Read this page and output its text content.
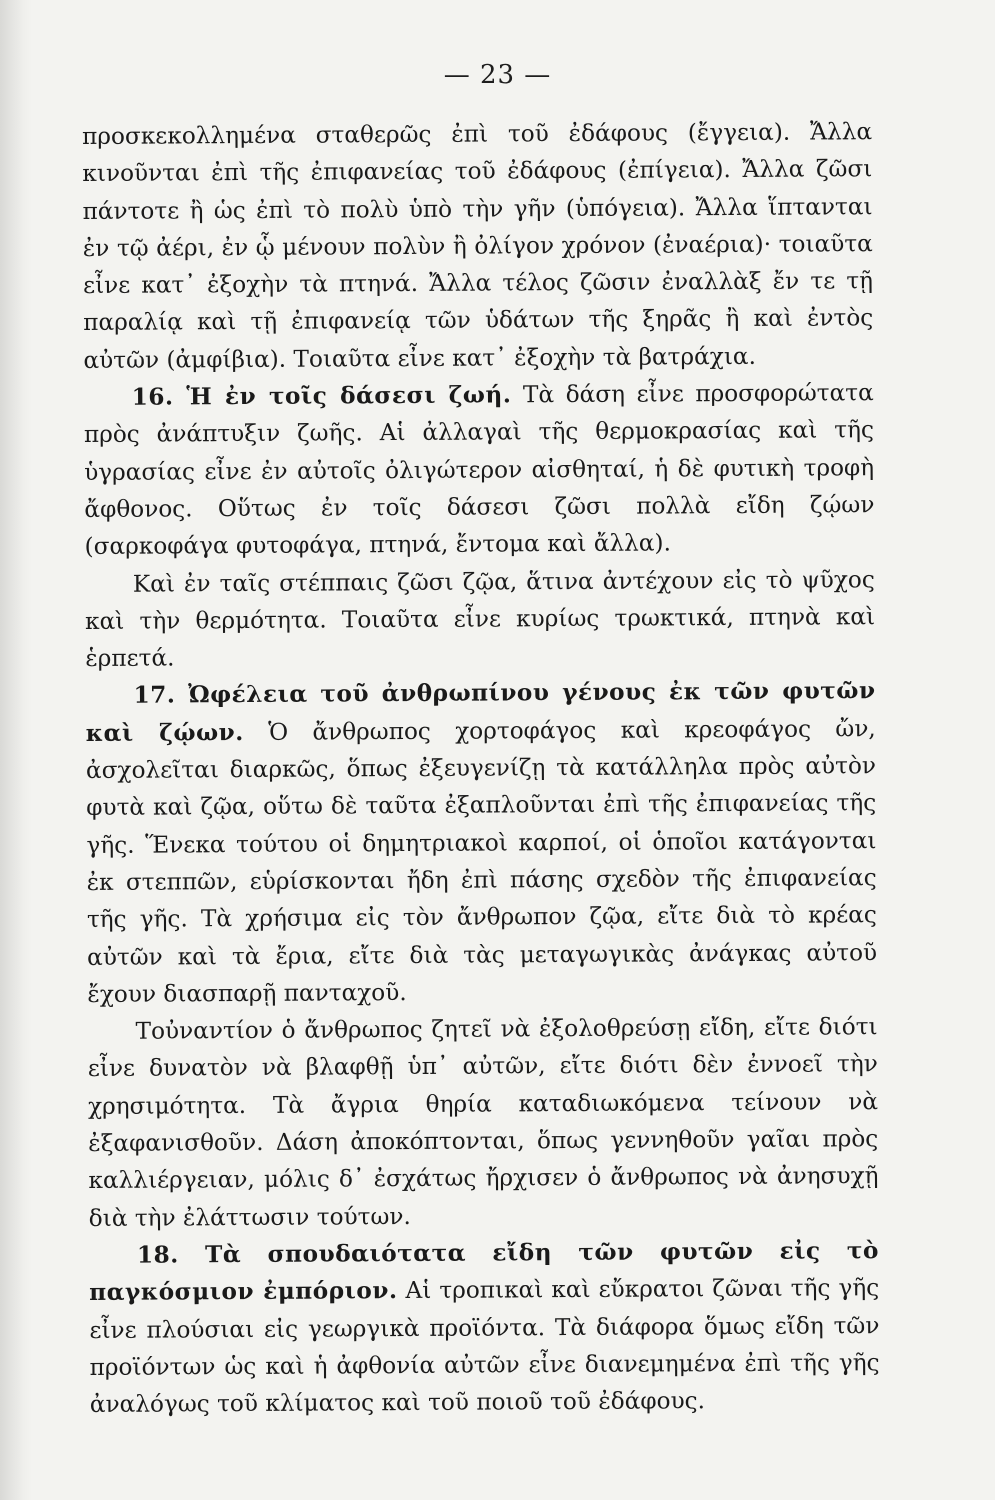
— 23 —

προσκεκολλημένα σταθερῶς ἐπὶ τοῦ ἐδάφους (ἔγγεια). Ἄλλα κινοῦνται ἐπὶ τῆς ἐπιφανείας τοῦ ἐδάφους (ἐπίγεια). Ἄλλα ζῶσι πάντοτε ἢ ὡς ἐπὶ τὸ πολὺ ὑπὸ τὴν γῆν (ὑπόγεια). Ἄλλα ἵπτανται ἐν τῷ ἀέρι, ἐν ᾧ μένουν πολὺν ἢ ὀλίγον χρόνον (ἐναέρια)· τοιαῦτα εἶνε κατ᾽ ἐξοχὴν τὰ πτηνά. Ἄλλα τέλος ζῶσιν ἐναλλὰξ ἔν τε τῇ παραλίᾳ καὶ τῇ ἐπιφανείᾳ τῶν ὑδάτων τῆς ξηρᾶς ἢ καὶ ἐντὸς αὐτῶν (ἀμφίβια). Τοιαῦτα εἶνε κατ᾽ ἐξοχὴν τὰ βατράχια.

16. Ἡ ἐν τοῖς δάσεσι ζωή. Τὰ δάση εἶνε προσφορώτατα πρὸς ἀνάπτυξιν ζωῆς. Αἱ ἀλλαγαὶ τῆς θερμοκρασίας καὶ τῆς ὑγρασίας εἶνε ἐν αὐτοῖς ὀλιγώτερον αἰσθηταί, ἡ δὲ φυτικὴ τροφὴ ἄφθονος. Οὕτως ἐν τοῖς δάσεσι ζῶσι πολλὰ εἴδη ζῴων (σαρκοφάγα φυτοφάγα, πτηνά, ἔντομα καὶ ἄλλα).

Καὶ ἐν ταῖς στέππαις ζῶσι ζῷα, ἅτινα ἀντέχουν εἰς τὸ ψῦχος καὶ τὴν θερμότητα. Τοιαῦτα εἶνε κυρίως τρωκτικά, πτηνὰ καὶ ἑρπετά.

17. Ὠφέλεια τοῦ ἀνθρωπίνου γένους ἐκ τῶν φυτῶν καὶ ζῴων. Ὁ ἄνθρωπος χορτοφάγος καὶ κρεοφάγος ὤν, ἀσχολεῖται διαρκῶς, ὅπως ἐξευγενίζῃ τὰ κατάλληλα πρὸς αὐτὸν φυτὰ καὶ ζῷα, οὕτω δὲ ταῦτα ἐξαπλοῦνται ἐπὶ τῆς ἐπιφανείας τῆς γῆς. Ἕνεκα τούτου οἱ δημητριακοὶ καρποί, οἱ ὁποῖοι κατάγονται ἐκ στεππῶν, εὑρίσκονται ἤδη ἐπὶ πάσης σχεδὸν τῆς ἐπιφανείας τῆς γῆς. Τὰ χρήσιμα εἰς τὸν ἄνθρωπον ζῷα, εἴτε διὰ τὸ κρέας αὐτῶν καὶ τὰ ἔρια, εἴτε διὰ τὰς μεταγωγικὰς ἀνάγκας αὐτοῦ ἔχουν διασπαρῇ πανταχοῦ.

Τοὐναντίον ὁ ἄνθρωπος ζητεῖ νὰ ἐξολοθρεύσῃ εἴδη, εἴτε διότι εἶνε δυνατὸν νὰ βλαφθῇ ὑπ᾽ αὐτῶν, εἴτε διότι δὲν ἐννοεῖ τὴν χρησιμότητα. Τὰ ἄγρια θηρία καταδιωκόμενα τείνουν νὰ ἐξαφανισθοῦν. Δάση ἀποκόπτονται, ὅπως γεννηθοῦν γαῖαι πρὸς καλλιέργειαν, μόλις δ᾽ ἐσχάτως ἤρχισεν ὁ ἄνθρωπος νὰ ἀνησυχῇ διὰ τὴν ἐλάττωσιν τούτων.

18. Τὰ σπουδαιότατα εἴδη τῶν φυτῶν εἰς τὸ παγκόσμιον ἐμπόριον. Αἱ τροπικαὶ καὶ εὔκρατοι ζῶναι τῆς γῆς εἶνε πλούσιαι εἰς γεωργικὰ προϊόντα. Τὰ διάφορα ὅμως εἴδη τῶν προϊόντων ὡς καὶ ἡ ἀφθονία αὐτῶν εἶνε διανεμημένα ἐπὶ τῆς γῆς ἀναλόγως τοῦ κλίματος καὶ τοῦ ποιοῦ τοῦ ἐδάφους.
